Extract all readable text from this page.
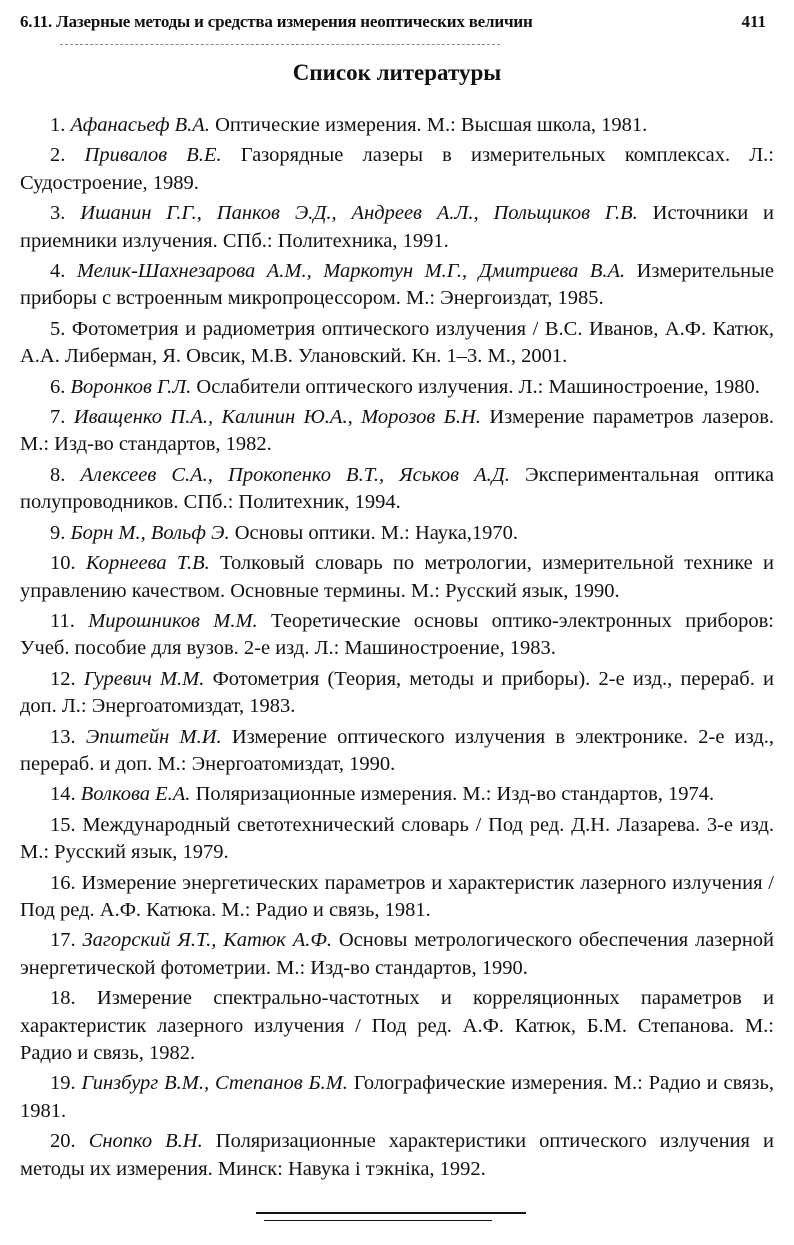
6.11. Лазерные методы и средства измерения неоптических величин	411
Список литературы

1. Афанасьеф В.А. Оптические измерения. М.: Высшая школа, 1981.

2. Привалов В.Е. Газорядные лазеры в измерительных комплексах. Л.: Судостроение, 1989.

3. Ишанин Г.Г., Панков Э.Д., Андреев А.Л., Польщиков Г.В. Источники и приемники излучения. СПб.: Политехника, 1991.

4. Мелик-Шахнезарова А.М., Маркотун М.Г., Дмитриева В.А. Измерительные приборы с встроенным микропроцессором. М.: Энергоиздат, 1985.

5. Фотометрия и радиометрия оптического излучения / В.С. Иванов, А.Ф. Катюк, А.А. Либерман, Я. Овсик, М.В. Улановский. Кн. 1–3. М., 2001.

6. Воронков Г.Л. Ослабители оптического излучения. Л.: Машиностроение, 1980.

7. Иващенко П.А., Калинин Ю.А., Морозов Б.Н. Измерение параметров лазеров. М.: Изд-во стандартов, 1982.

8. Алексеев С.А., Прокопенко В.Т., Яськов А.Д. Экспериментальная оптика полупроводников. СПб.: Политехник, 1994.

9. Борн М., Вольф Э. Основы оптики. М.: Наука,1970.

10. Корнеева Т.В. Толковый словарь по метрологии, измерительной технике и управлению качеством. Основные термины. М.: Русский язык, 1990.

11. Мирошников М.М. Теоретические основы оптико-электронных приборов: Учеб. пособие для вузов. 2-е изд. Л.: Машиностроение, 1983.

12. Гуревич М.М. Фотометрия (Теория, методы и приборы). 2-е изд., перераб. и доп. Л.: Энергоатомиздат, 1983.

13. Эпштейн М.И. Измерение оптического излучения в электронике. 2-е изд., перераб. и доп. М.: Энергоатомиздат, 1990.

14. Волкова Е.А. Поляризационные измерения. М.: Изд-во стандартов, 1974.

15. Международный светотехнический словарь / Под ред. Д.Н. Лазарева. 3-е изд. М.: Русский язык, 1979.

16. Измерение энергетических параметров и характеристик лазерного излучения / Под ред. А.Ф. Катюка. М.: Радио и связь, 1981.

17. Загорский Я.Т., Катюк А.Ф. Основы метрологического обеспечения лазерной энергетической фотометрии. М.: Изд-во стандартов, 1990.

18. Измерение спектрально-частотных и корреляционных параметров и характеристик лазерного излучения / Под ред. А.Ф. Катюк, Б.М. Степанова. М.: Радио и связь, 1982.

19. Гинзбург В.М., Степанов Б.М. Голографические измерения. М.: Радио и связь, 1981.

20. Снопко В.Н. Поляризационные характеристики оптического излучения и методы их измерения. Минск: Навука і тэкніка, 1992.
